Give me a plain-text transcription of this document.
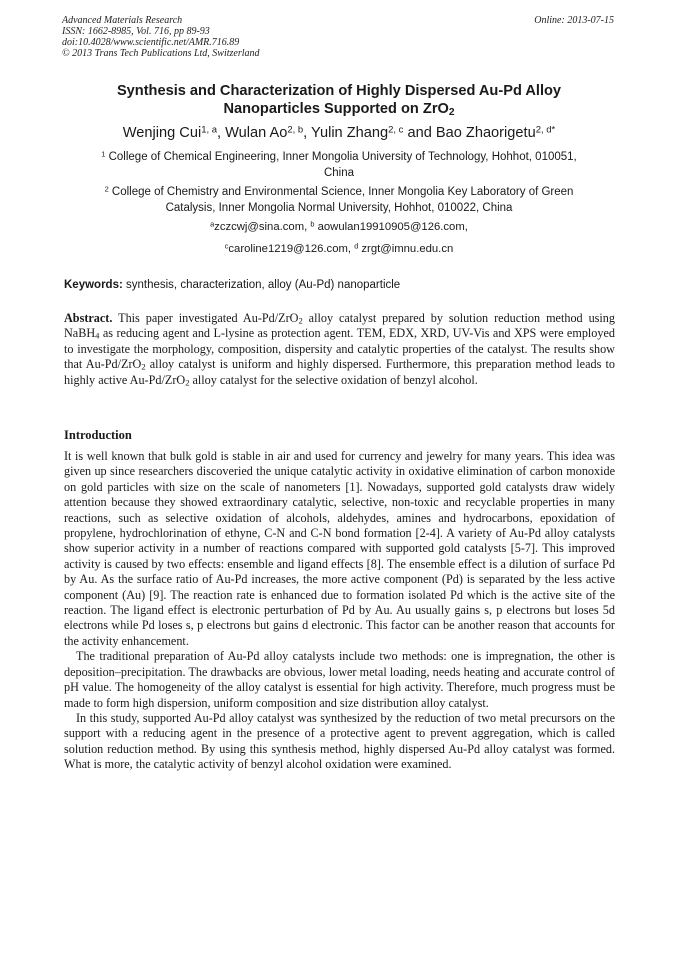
Advanced Materials Research
ISSN: 1662-8985, Vol. 716, pp 89-93
doi:10.4028/www.scientific.net/AMR.716.89
© 2013 Trans Tech Publications Ltd, Switzerland
Online: 2013-07-15
Synthesis and Characterization of Highly Dispersed Au-Pd Alloy
Nanoparticles Supported on ZrO$_2$
Wenjing Cui$^{1, a}$, Wulan Ao$^{2, b}$, Yulin Zhang$^{2, c}$ and Bao Zhaorigetu$^{2, d*}$
$^1$ College of Chemical Engineering, Inner Mongolia University of Technology, Hohhot, 010051,
China
$^2$ College of Chemistry and Environmental Science, Inner Mongolia Key Laboratory of Green
Catalysis, Inner Mongolia Normal University, Hohhot, 010022, China
$^a$zczcwj@sina.com, $^b$ aowulan19910905@126.com,
$^c$caroline1219@126.com, $^d$ zrgt@imnu.edu.cn
Keywords: synthesis, characterization, alloy (Au-Pd) nanoparticle
Abstract. This paper investigated Au-Pd/ZrO$_2$ alloy catalyst prepared by solution reduction method using NaBH$_4$ as reducing agent and L-lysine as protection agent. TEM, EDX, XRD, UV-Vis and XPS were employed to investigate the morphology, composition, dispersity and catalytic properties of the catalyst. The results show that Au-Pd/ZrO$_2$ alloy catalyst is uniform and highly dispersed. Furthermore, this preparation method leads to highly active Au-Pd/ZrO$_2$ alloy catalyst for the selective oxidation of benzyl alcohol.
Introduction

It is well known that bulk gold is stable in air and used for currency and jewelry for many years. This idea was given up since researchers discoveried the unique catalytic activity in oxidative elimination of carbon monoxide on gold particles with size on the scale of nanometers [1]. Nowadays, supported gold catalysts draw widely attention because they showed extraordinary catalytic, selective, non-toxic and recyclable properties in many reactions, such as selective oxidation of alcohols, aldehydes, amines and hydrocarbons, epoxidation of propylene, hydrochlorination of ethyne, C-N and C-N bond formation [2-4]. A variety of Au-Pd alloy catalysts show superior activity in a number of reactions compared with supported gold catalysts [5-7]. This improved activity is caused by two effects: ensemble and ligand effects [8]. The ensemble effect is a dilution of surface Pd by Au. As the surface ratio of Au-Pd increases, the more active component (Pd) is separated by the less active component (Au) [9]. The reaction rate is enhanced due to formation isolated Pd which is the active site of the reaction. The ligand effect is electronic perturbation of Pd by Au. Au usually gains s, p electrons but loses 5d electrons while Pd loses s, p electrons but gains d electronic. This factor can be another reason that accounts for the activity enhancement.

The traditional preparation of Au-Pd alloy catalysts include two methods: one is impregnation, the other is deposition–precipitation. The drawbacks are obvious, lower metal loading, needs heating and accurate control of pH value. The homogeneity of the alloy catalyst is essential for high activity. Therefore, much progress must be made to form high dispersion, uniform composition and size distribution alloy catalyst.

In this study, supported Au-Pd alloy catalyst was synthesized by the reduction of two metal precursors on the support with a reducing agent in the presence of a protective agent to prevent aggregation, which is called solution reduction method. By using this synthesis method, highly dispersed Au-Pd alloy catalyst was formed. What is more, the catalytic activity of benzyl alcohol oxidation were examined.
